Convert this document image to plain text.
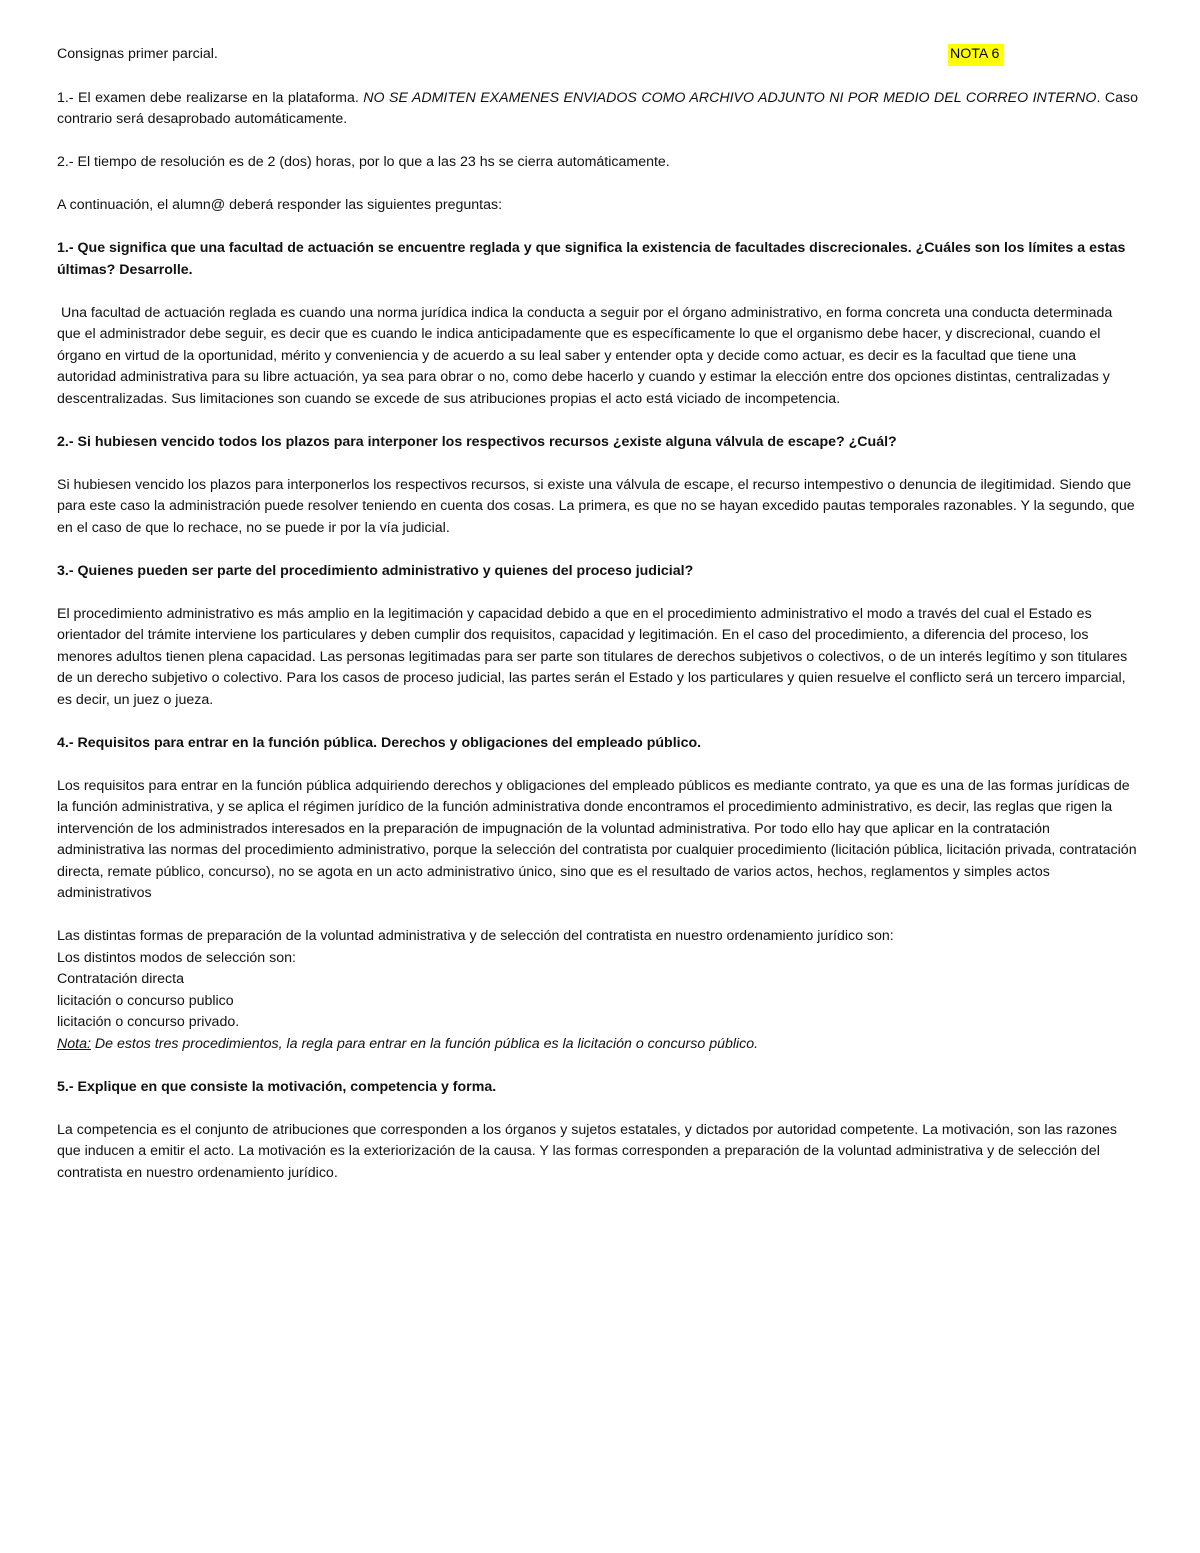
Consignas primer parcial.	NOTA 6

1.- El examen debe realizarse en la plataforma. NO SE ADMITEN EXAMENES ENVIADOS COMO ARCHIVO ADJUNTO NI POR MEDIO DEL CORREO INTERNO. Caso contrario será desaprobado automáticamente.

2.- El tiempo de resolución es de 2 (dos) horas, por lo que a las 23 hs se cierra automáticamente.

A continuación, el alumn@ deberá responder las siguientes preguntas:

1.- Que significa que una facultad de actuación se encuentre reglada y que significa la existencia de facultades discrecionales. ¿Cuáles son los límites a estas últimas? Desarrolle.

Una facultad de actuación reglada es cuando una norma jurídica indica la conducta a seguir por el órgano administrativo, en forma concreta una conducta determinada que el administrador debe seguir, es decir que es cuando le indica anticipadamente que es específicamente lo que el organismo debe hacer, y discrecional, cuando el órgano en virtud de la oportunidad, mérito y conveniencia y de acuerdo a su leal saber y entender opta y decide como actuar, es decir es la facultad que tiene una autoridad administrativa para su libre actuación, ya sea para obrar o no, como debe hacerlo y cuando y estimar la elección entre dos opciones distintas, centralizadas y descentralizadas. Sus limitaciones son cuando se excede de sus atribuciones propias el acto está viciado de incompetencia.

2.- Si hubiesen vencido todos los plazos para interponer los respectivos recursos ¿existe alguna válvula de escape? ¿Cuál?

Si hubiesen vencido los plazos para interponerlos los respectivos recursos, si existe una válvula de escape, el recurso intempestivo o denuncia de ilegitimidad. Siendo que para este caso la administración puede resolver teniendo en cuenta dos cosas. La primera, es que no se hayan excedido pautas temporales razonables. Y la segundo, que en el caso de que lo rechace, no se puede ir por la vía judicial.

3.- Quienes pueden ser parte del procedimiento administrativo y quienes del proceso judicial?

El procedimiento administrativo es más amplio en la legitimación y capacidad debido a que en el procedimiento administrativo el modo a través del cual el Estado es orientador del trámite interviene los particulares y deben cumplir dos requisitos, capacidad y legitimación. En el caso del procedimiento, a diferencia del proceso, los menores adultos tienen plena capacidad. Las personas legitimadas para ser parte son titulares de derechos subjetivos o colectivos, o de un interés legítimo y son titulares de un derecho subjetivo o colectivo. Para los casos de proceso judicial, las partes serán el Estado y los particulares y quien resuelve el conflicto será un tercero imparcial, es decir, un juez o jueza.

4.- Requisitos para entrar en la función pública. Derechos y obligaciones del empleado público.

Los requisitos para entrar en la función pública adquiriendo derechos y obligaciones del empleado públicos es mediante contrato, ya que es una de las formas jurídicas de la función administrativa, y se aplica el régimen jurídico de la función administrativa donde encontramos el procedimiento administrativo, es decir, las reglas que rigen la intervención de los administrados interesados en la preparación de impugnación de la voluntad administrativa. Por todo ello hay que aplicar en la contratación administrativa las normas del procedimiento administrativo, porque la selección del contratista por cualquier procedimiento (licitación pública, licitación privada, contratación directa, remate público, concurso), no se agota en un acto administrativo único, sino que es el resultado de varios actos, hechos, reglamentos y simples actos administrativos

Las distintas formas de preparación de la voluntad administrativa y de selección del contratista en nuestro ordenamiento jurídico son:

Los distintos modos de selección son:

Contratación directa

licitación o concurso publico

licitación o concurso privado.

Nota: De estos tres procedimientos, la regla para entrar en la función pública es la licitación o concurso público.

5.- Explique en que consiste la motivación, competencia y forma.

La competencia es el conjunto de atribuciones que corresponden a los órganos y sujetos estatales, y dictados por autoridad competente. La motivación, son las razones que inducen a emitir el acto. La motivación es la exteriorización de la causa. Y las formas corresponden a preparación de la voluntad administrativa y de selección del contratista en nuestro ordenamiento jurídico.
